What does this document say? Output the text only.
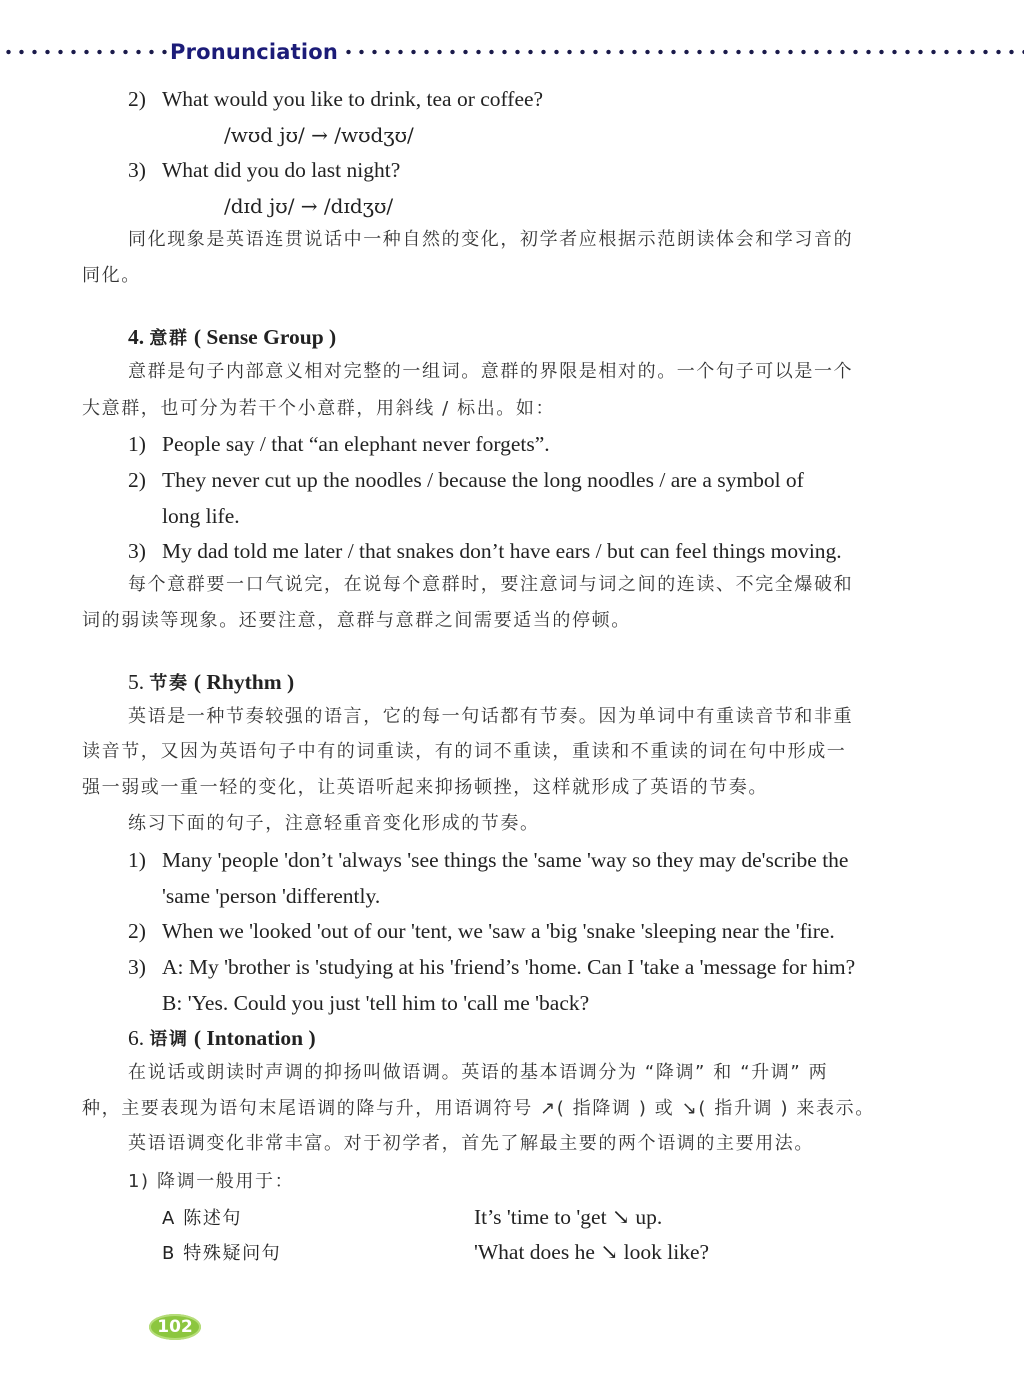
Pronunciation
2) What would you like to drink, tea or coffee?
/wʊd jʊ/ → /wʊdʒʊ/
3) What did you do last night?
/dɪd jʊ/ → /dɪdʒʊ/
同化现象是英语连贯说话中一种自然的变化，初学者应根据示范朗读体会和学习音的
同化。
4. 意群 ( Sense Group )
意群是句子内部意义相对完整的一组词。意群的界限是相对的。一个句子可以是一个
大意群，也可分为若干个小意群，用斜线 / 标出。如：
1) People say / that “an elephant never forgets”.
2) They never cut up the noodles / because the long noodles / are a symbol of
long life.
3) My dad told me later / that snakes don’t have ears / but can feel things moving.
每个意群要一口气说完，在说每个意群时，要注意词与词之间的连读、不完全爆破和
词的弱读等现象。还要注意，意群与意群之间需要适当的停顿。
5. 节奏 ( Rhythm )
英语是一种节奏较强的语言，它的每一句话都有节奏。因为单词中有重读音节和非重
读音节，又因为英语句子中有的词重读，有的词不重读，重读和不重读的词在句中形成一
强一弱或一重一轻的变化，让英语听起来抑扬顿挫，这样就形成了英语的节奏。
练习下面的句子，注意轻重音变化形成的节奏。
1) Many 'people 'don’t 'always 'see things the 'same 'way so they may de'scribe the
'same 'person 'differently.
2) When we 'looked 'out of our 'tent, we 'saw a 'big 'snake 'sleeping near the 'fire.
3) A: My 'brother is 'studying at his 'friend’s 'home. Can I 'take a 'message for him?
B: 'Yes. Could you just 'tell him to 'call me 'back?
6. 语调 ( Intonation )
在说话或朗读时声调的抑扬叫做语调。英语的基本语调分为 “降调” 和 “升调” 两
种，主要表现为语句末尾语调的降与升，用语调符号 ↗( 指降调 ) 或 ↘( 指升调 ) 来表示。
英语语调变化非常丰富。对于初学者，首先了解最主要的两个语调的主要用法。
1) 降调一般用于：
A 陈述句	It’s 'time to 'get ↘ up.
B 特殊疑问句	'What does he ↘ look like?
102
